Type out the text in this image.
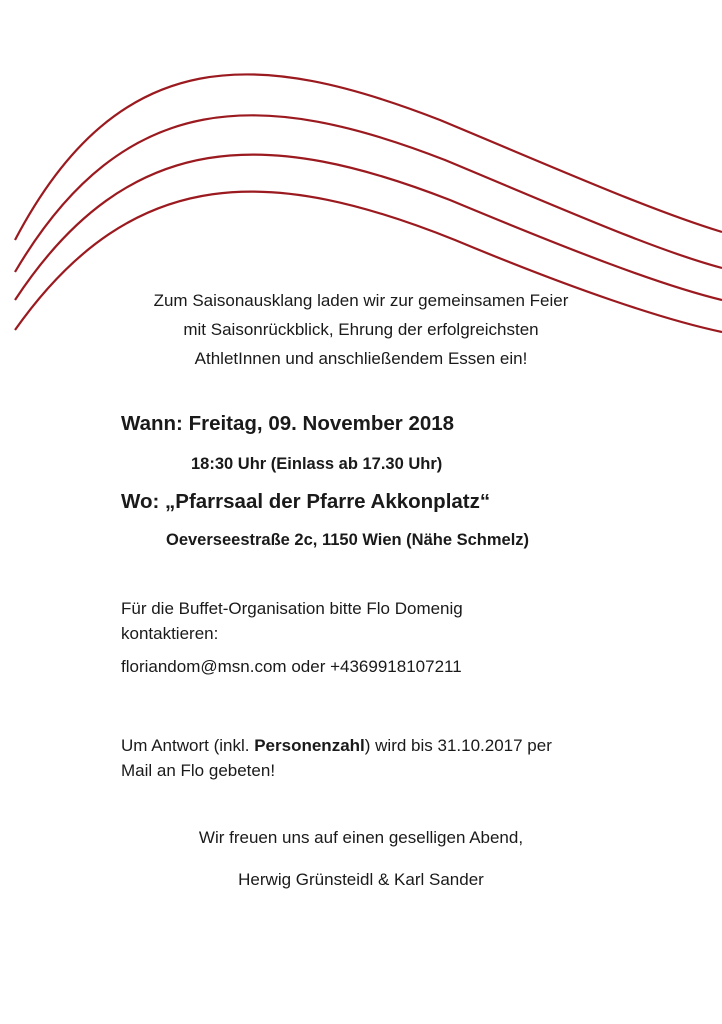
Zum Saisonausklang laden wir zur gemeinsamen Feier
mit Saisonrückblick, Ehrung der erfolgreichsten
AthletInnen und anschließendem Essen ein!
Wann: Freitag, 09. November 2018
18:30 Uhr (Einlass ab 17.30 Uhr)
Wo: „Pfarrsaal der Pfarre Akkonplatz“
Oeverseestraße 2c, 1150 Wien (Nähe Schmelz)
Für die Buffet-Organisation bitte Flo Domenig
kontaktieren:
floriandom@msn.com oder +4369918107211
Um Antwort (inkl. Personenzahl) wird bis 31.10.2017 per
Mail an Flo gebeten!
Wir freuen uns auf einen geselligen Abend,
Herwig Grünsteidl & Karl Sander
